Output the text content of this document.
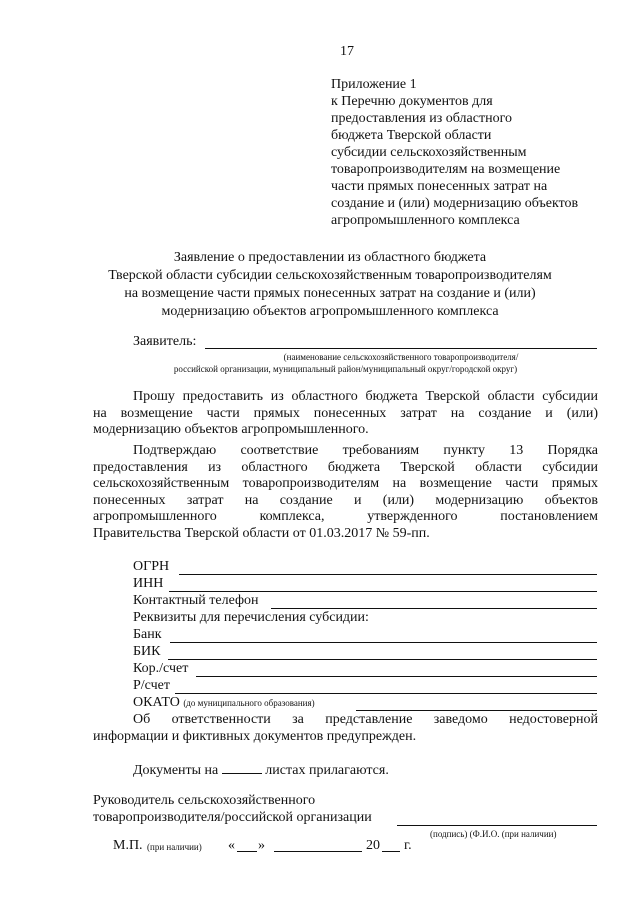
17
Приложение 1
к Перечню документов для
предоставления из областного
бюджета Тверской области
субсидии сельскохозяйственным
товаропроизводителям на возмещение
части прямых понесенных затрат на
создание и (или) модернизацию объектов
агропромышленного комплекса
Заявление о предоставлении из областного бюджета
Тверской области субсидии сельскохозяйственным товаропроизводителям
на возмещение части прямых понесенных затрат на создание и (или)
модернизацию объектов агропромышленного комплекса
Заявитель:
(наименование сельскохозяйственного товаропроизводителя/
российской организации, муниципальный район/муниципальный округ/городской округ)
Прошу предоставить из областного бюджета Тверской области субсидии
на возмещение части прямых понесенных затрат на создание и (или)
модернизацию объектов агропромышленного.
Подтверждаю соответствие требованиям пункту 13 Порядка
предоставления из областного бюджета Тверской области субсидии
сельскохозяйственным товаропроизводителям на возмещение части прямых
понесенных затрат на создание и (или) модернизацию объектов
агропромышленного комплекса, утвержденного постановлением
Правительства Тверской области от 01.03.2017 № 59-пп.
ОГРН
ИНН
Контактный телефон
Реквизиты для перечисления субсидии:
Банк
БИК
Кор./счет
Р/счет
ОКАТО (до муниципального образования)
Об ответственности за представление заведомо недостоверной
информации и фиктивных документов предупрежден.
Документы на	листах прилагаются.
Руководитель сельскохозяйственного
товаропроизводителя/российской организации
(подпись) (Ф.И.О. (при наличии)
М.П. (при наличии) « »	20 г.
